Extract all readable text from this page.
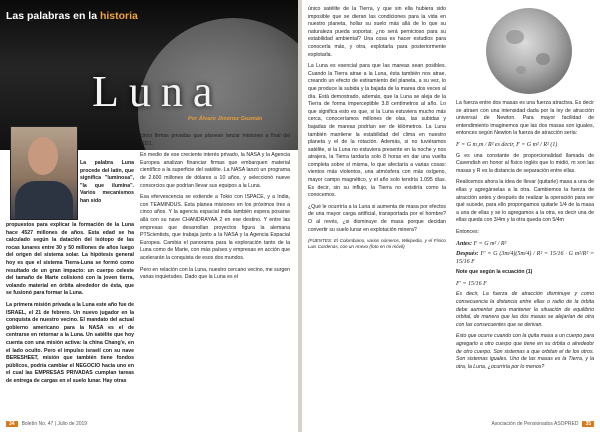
Las palabras en la historia
Luna
Por Álvaro Jiménez Guzmán

La palabra Luna procede del latín, que significa "luminosa", "la que ilumina". Varios mecanismos han sido

propuestos para explicar la formación de la Luna hace 4527 millones de años. Esta edad se ha calculado según la datación del isótopo de las rocas lunares entre 30 y 50 millones de años luego del origen del sistema solar. La hipótesis general hoy es que el sistema Tierra-Luna se formó como resultado de un gran impacto: un cuerpo celeste del tamaño de Marte colisionó con la joven tierra, volando material en órbita alrededor de ésta, que se fusionó para formar la Luna.

La primera misión privada a la Luna este año fue de ISRAEL, el 21 de febrero. Un nuevo jugador en la conquista de nuestro vecino. El mandato del actual gobierno americano para la NASA es el de centrarse en retornar a la Luna. Un satélite que hoy cuenta con una misión activa: la china Chang'e, en el lado oculto. Pero el impulso israelí con su nave BERESHEET, misión que también tiene fondos públicos, podría cambiar el NEGOCIO hacia uno en el cual las EMPRESAS PRIVADAS cumplan tareas de entrega de cargas en el suelo lunar. Hay otras

cinco firmas privadas que planean lanzar misiones a final del 2021.

En medio de ese creciente interés privado, la NASA y la Agencia Europea analizan financiar firmas que embarquen material científico a la superficie del satélite. La NASA lanzó un programa de 2.600 millones de dólares a 10 años, y seleccionó nueve consorcios que podrían llevar sus equipos a la Luna.

Esa efervescencia se extiende a Tokio con ISPACE, y a India, con TEAMINDUS. Esta planea misiones en los próximos tres a cinco años. Y la agencia espacial india también espera posarse allá con su nave CHANDRAYAA 2 en ese destino. Y entre las empresas que desarrollan proyectos figura la alemana PTScientists, que trabaja junto a la NASA y la Agencia Espacial Europea. Cambia el panorama para la exploración tanto de la Luna como de Marte, con más países y empresas en acción que acelerarán la conquista de esos dos mundos.

Pero en relación con la Luna, nuestro cercano vecino, me surgen varias inquietudes. Dado que la Luna es el

34	Boletín No. 47 | Julio de 2019

único satélite de la Tierra, y que sin ella hubiera sido imposible que se dieran las condiciones para la vida en nuestro planeta, hollar su suelo más allá de lo que su naturaleza pueda soportar, ¿no será pernicioso para su estabilidad ambiental? Una cosa es hacer estudios para conocerla más, y otra, explotarla para posteriormente explotarla.

La Luna es esencial para que las mareas sean posibles. Cuando la Tierra atrae a la Luna, ésta también nos atrae, creando un efecto de estiramiento del planeta, a su vez, lo que produce la subida y la bajada de la marea dos veces al día. Está demostrado, además, que la Luna se aleja de la Tierra de forma imperceptible 3.8 centímetros al año. Lo que significa esto es que, si la Luna estuviera mucho más cerca, conoceríamos millones de olas, las subidas y bajadas de mareas podrían ser de kilómetros. La Luna también mantiene la estabilidad del clima en nuestro planeta y el de la rotación. Además, si no tuviéramos satélite, si la Luna no estuviera presente en la noche y nos atrajera, la Tierra tardaría solo 8 horas en dar una vuelta completa sobre sí misma, lo que afectaría a varias cosas: vientos más violentos, una atmósfera con más oxígeno, mayor campo magnético, y el año solo tendría 1.095 días. Es decir, sin su influjo, la Tierra no existiría como la conocemos.

¿Qué le ocurriría a la Luna si aumenta de masa por efectos de una mayor carga artificial, transportada por el hombre? O al revés, ¿si disminuye de masa porque decidan convertir su suelo lunar en explotación minera?

(FUENTES: El Colombiano, varios números, Wikipedia, y el Físico Luis Cardenas, con un Anexo (foto en mi móvil)

La fuerza entre dos masas es una fuerza atractiva. Es decir se atraen con una intensidad dada por la ley de atracción universal de Newton. Para mayor facilidad de entendimiento imaginemos que las dos masas son iguales, entonces según Newton la fuerza de atracción sería:

F = G m₁m / R² es decir, F = G m² / R² (1)

G es una constante de proporcionalidad llamada de Cavendish en honor al físico inglés que lo midió, m son las masas y R es la distancia de separación entre ellas.

Realicemos ahora la idea de llevar (quitarle) masa a una de ellas y agregárselas a la otra. Cambiemos la fuerza de atracción antes y después de realizar la operación para ver qué sucede, para ello propongamos quitarle 1/4 de la masa a una de ellas y se lo agregamos a la otra, es decir una de ellas queda con 3/4m y la otra queda con 5/4m

Entonces:

Antes: F = G m² / R²
Después: F' = G (3m/4)(5m/4) / R² = 15/16 · G m²/R² = 15/16 F

Note que según la ecuación (1)

F' = 15/16 F

Es decir, La fuerza de atracción disminuye y como consecuencia la distancia entre ellas o radio de la órbita debe aumentar para mantener la situación de equilibrio orbital, de manera que las dos masas se alejarían de otra con las consecuentes que se derivan.

Esto que ocurre cuando con la quita masa a un cuerpo para agregarlo a otro cuerpo que tiene en su órbita o alrededor de otro cuerpo. Son sistemas a que orbitan el de los otros. Son sistemas iguales. Uno de las masas es la Tierra, y la otra, la Luna, ¿ocurriría por lo menos?

Asociación de Pensionados ASOPRED	35
